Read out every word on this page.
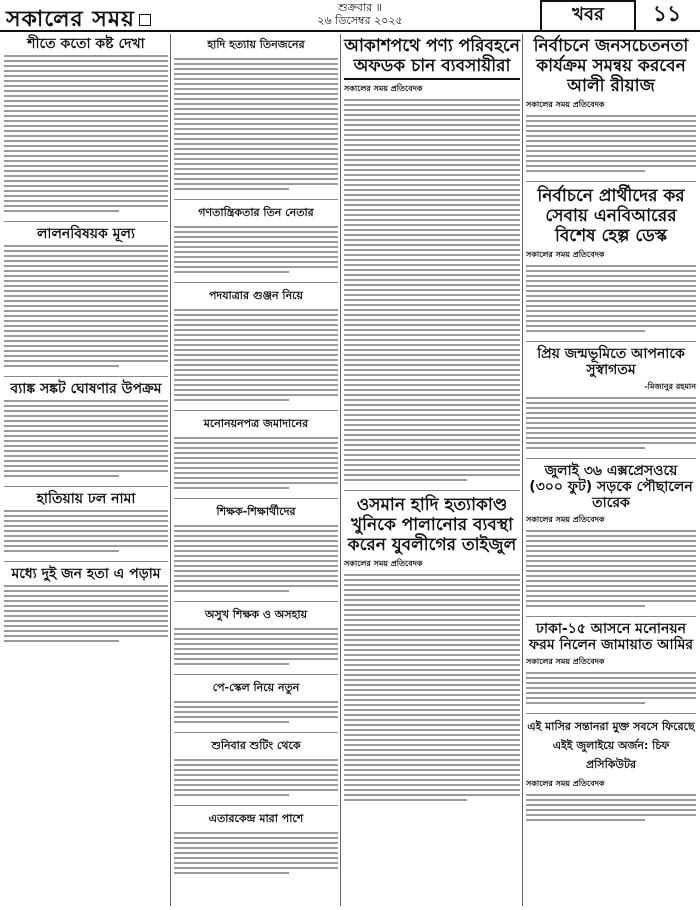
সকালের সময়	শুক্রবার ॥
২৬ ডিসেম্বর ২০২৫	খবর	১১
শীতে কতো কষ্ট দেখা
লালনবিষয়ক মূল্য
ব্যাঙ্ক সঙ্কট ঘোষণার উপক্রম
হাতিয়ায় ঢল নামা
মধ্যে দুই জন হতা এ পড়াম
হাদি হত্যায় তিনজনের
গণতান্ত্রিকতার তিন নেতার
পদযাত্রার গুঞ্জন নিয়ে
মনোনয়নপত্র জমাদানের
শিক্ষক-শিক্ষার্থীদের
অসুখ শিক্ষক ও অসহায়
পে-স্কেল নিয়ে নতুন
শুনিবার শুটিং থেকে
এতারকেন্দ্র মারা পাশে
আকাশপথে পণ্য পরিবহনে অফডক চান ব্যবসায়ীরা
সকালের সময় প্রতিবেদক
ওসমান হাদি হত্যাকাণ্ড খুনিকে পালানোর ব্যবস্থা করেন যুবলীগের তাইজুল
সকালের সময় প্রতিবেদক
নির্বাচনে জনসচেতনতা কার্যক্রম সমন্বয় করবেন আলী রীয়াজ
সকালের সময় প্রতিবেদক
নির্বাচনে প্রার্থীদের কর সেবায় এনবিআরের বিশেষ হেল্প ডেস্ক
সকালের সময় প্রতিবেদক
প্রিয় জন্মভূমিতে আপনাকে সুস্বাগতম
-মিজানুর রহমান
জুলাই ৩৬ এক্সপ্রেসওয়ে (৩০০ ফুট) সড়কে পৌছালেন তারেক
সকালের সময় প্রতিবেদক
ঢাকা-১৫ আসনে মনোনয়ন ফরম নিলেন জামায়াত আমির
সকালের সময় প্রতিবেদক
এই মাসির সন্তানরা মুক্ত সবসে ফিরেছে এইই জুলাইয়ে অর্জন: চিফ প্রসিকিউটর
সকালের সময় প্রতিবেদক
